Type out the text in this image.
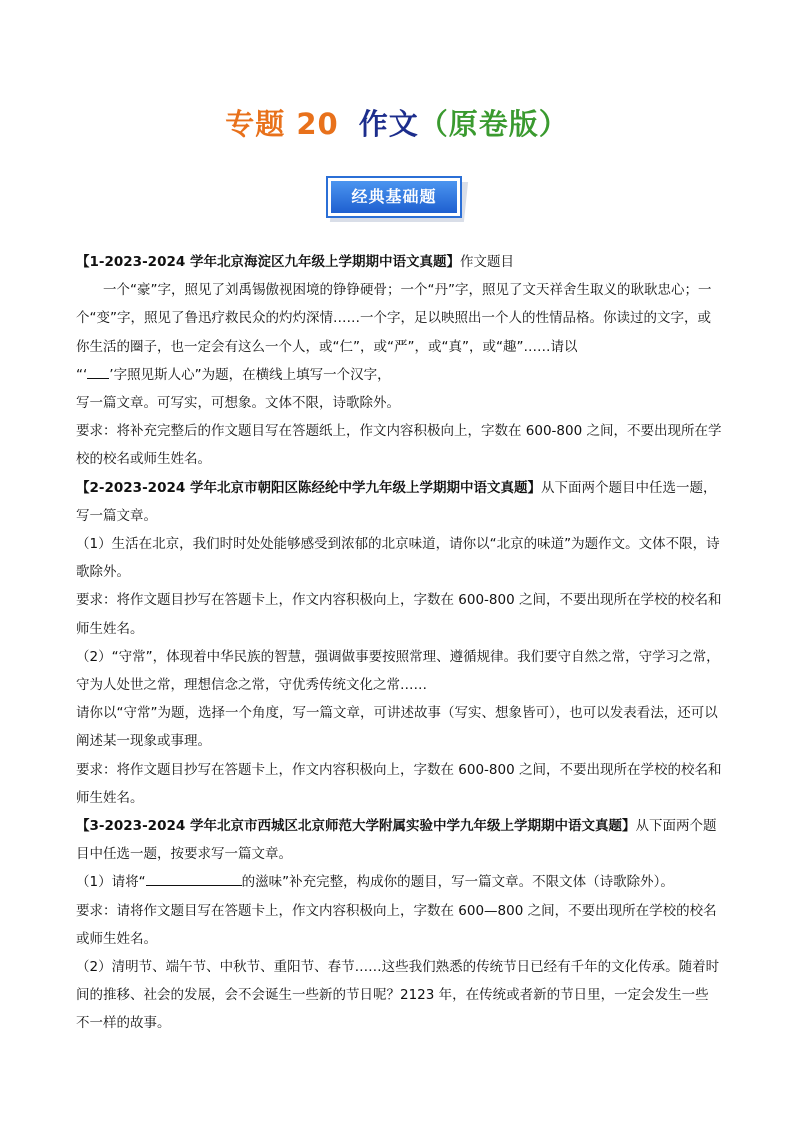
专题 20 作文（原卷版）
经典基础题

【1-2023-2024 学年北京海淀区九年级上学期期中语文真题】作文题目

一个“豪”字，照见了刘禹锡傲视困境的铮铮硬骨；一个“丹”字，照见了文天祥舍生取义的耿耿忠心；一个“变”字，照见了鲁迅疗救民众的灼灼深情……一个字，足以映照出一个人的性情品格。你读过的文字，或你生活的圈子，也一定会有这么一个人，或“仁”，或“严”，或“真”，或“趣”……请以

“‘ ’字照见斯人心”为题，在横线上填写一个汉字，

写一篇文章。可写实，可想象。文体不限，诗歌除外。

要求：将补充完整后的作文题目写在答题纸上，作文内容积极向上，字数在 600-800 之间，不要出现所在学校的校名或师生姓名。

【2-2023-2024 学年北京市朝阳区陈经纶中学九年级上学期期中语文真题】从下面两个题目中任选一题，写一篇文章。

（1）生活在北京，我们时时处处能够感受到浓郁的北京味道，请你以“北京的味道”为题作文。文体不限，诗歌除外。

要求：将作文题目抄写在答题卡上，作文内容积极向上，字数在 600-800 之间，不要出现所在学校的校名和师生姓名。

（2）“守常”，体现着中华民族的智慧，强调做事要按照常理、遵循规律。我们要守自然之常，守学习之常，守为人处世之常，理想信念之常，守优秀传统文化之常……

请你以“守常”为题，选择一个角度，写一篇文章，可讲述故事（写实、想象皆可），也可以发表看法，还可以阐述某一现象或事理。

要求：将作文题目抄写在答题卡上，作文内容积极向上，字数在 600-800 之间，不要出现所在学校的校名和师生姓名。

【3-2023-2024 学年北京市西城区北京师范大学附属实验中学九年级上学期期中语文真题】从下面两个题目中任选一题，按要求写一篇文章。

（1）请将“	的滋味”补充完整，构成你的题目，写一篇文章。不限文体（诗歌除外）。

要求：请将作文题目写在答题卡上，作文内容积极向上，字数在 600—800 之间，不要出现所在学校的校名或师生姓名。

（2）清明节、端午节、中秋节、重阳节、春节……这些我们熟悉的传统节日已经有千年的文化传承。随着时间的推移、社会的发展，会不会诞生一些新的节日呢？2123 年，在传统或者新的节日里，一定会发生一些不一样的故事。
